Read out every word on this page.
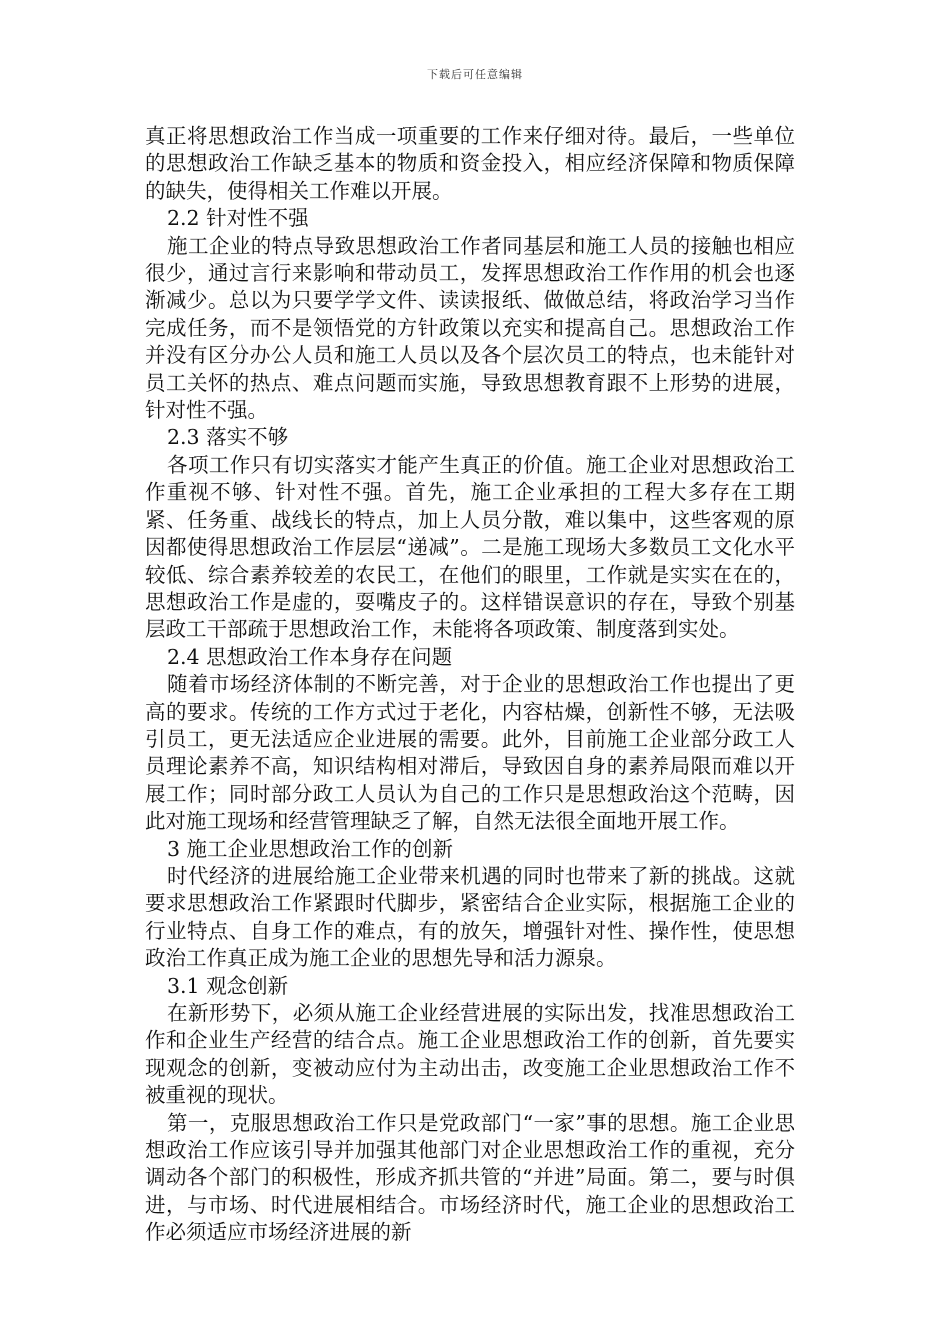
下载后可任意编辑

真正将思想政治工作当成一项重要的工作来仔细对待。最后，一些单位的思想政治工作缺乏基本的物质和资金投入，相应经济保障和物质保障的缺失，使得相关工作难以开展。

2.2 针对性不强

施工企业的特点导致思想政治工作者同基层和施工人员的接触也相应很少，通过言行来影响和带动员工，发挥思想政治工作作用的机会也逐渐减少。总以为只要学学文件、读读报纸、做做总结，将政治学习当作完成任务，而不是领悟党的方针政策以充实和提高自己。思想政治工作并没有区分办公人员和施工人员以及各个层次员工的特点，也未能针对员工关怀的热点、难点问题而实施，导致思想教育跟不上形势的进展，针对性不强。

2.3 落实不够

各项工作只有切实落实才能产生真正的价值。施工企业对思想政治工作重视不够、针对性不强。首先，施工企业承担的工程大多存在工期紧、任务重、战线长的特点，加上人员分散，难以集中，这些客观的原因都使得思想政治工作层层“递减”。二是施工现场大多数员工文化水平较低、综合素养较差的农民工，在他们的眼里，工作就是实实在在的，思想政治工作是虚的，耍嘴皮子的。这样错误意识的存在，导致个别基层政工干部疏于思想政治工作，未能将各项政策、制度落到实处。

2.4 思想政治工作本身存在问题

随着市场经济体制的不断完善，对于企业的思想政治工作也提出了更高的要求。传统的工作方式过于老化，内容枯燥，创新性不够，无法吸引员工，更无法适应企业进展的需要。此外，目前施工企业部分政工人员理论素养不高，知识结构相对滞后，导致因自身的素养局限而难以开展工作；同时部分政工人员认为自己的工作只是思想政治这个范畴，因此对施工现场和经营管理缺乏了解，自然无法很全面地开展工作。

3 施工企业思想政治工作的创新

时代经济的进展给施工企业带来机遇的同时也带来了新的挑战。这就要求思想政治工作紧跟时代脚步，紧密结合企业实际，根据施工企业的行业特点、自身工作的难点，有的放矢，增强针对性、操作性，使思想政治工作真正成为施工企业的思想先导和活力源泉。

3.1 观念创新

在新形势下，必须从施工企业经营进展的实际出发，找准思想政治工作和企业生产经营的结合点。施工企业思想政治工作的创新，首先要实现观念的创新，变被动应付为主动出击，改变施工企业思想政治工作不被重视的现状。

第一，克服思想政治工作只是党政部门“一家”事的思想。施工企业思想政治工作应该引导并加强其他部门对企业思想政治工作的重视，充分调动各个部门的积极性，形成齐抓共管的“并进”局面。第二，要与时俱进，与市场、时代进展相结合。市场经济时代，施工企业的思想政治工作必须适应市场经济进展的新
